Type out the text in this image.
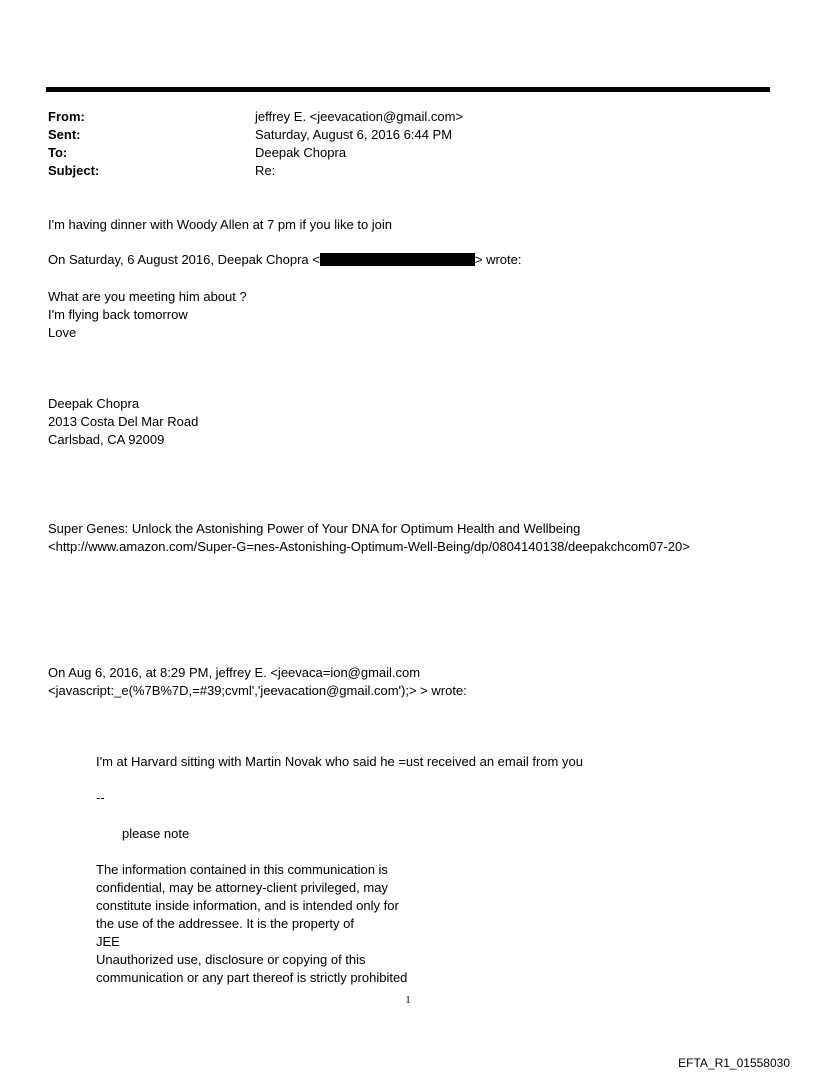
From:	jeffrey E. <jeevacation@gmail.com>
Sent:	Saturday, August 6, 2016 6:44 PM
To:	Deepak Chopra
Subject:	Re:
I'm having dinner with Woody Allen at 7 pm if you like to join
On Saturday, 6 August 2016, Deepak Chopra <	> wrote:
What are you meeting him about ?
I'm flying back tomorrow
Love
Deepak Chopra
2013 Costa Del Mar Road
Carlsbad, CA 92009
Super Genes: Unlock the Astonishing Power of Your DNA for Optimum Health and Wellbeing
<http://www.amazon.com/Super-G=nes-Astonishing-Optimum-Well-Being/dp/0804140138/deepakchcom07-20>
On Aug 6, 2016, at 8:29 PM, jeffrey E. <jeevaca=ion@gmail.com
<javascript:_e(%7B%7D,=#39;cvml','jeevacation@gmail.com');> > wrote:
I'm at Harvard sitting with Martin Novak who said he =ust received an email from you
--
please note
The information contained in this communication is
confidential, may be attorney-client privileged, may
constitute inside information, and is intended only for
the use of the addressee. It is the property of
JEE
Unauthorized use, disclosure or copying of this
communication or any part thereof is strictly prohibited
1
EFTA_R1_01558030
